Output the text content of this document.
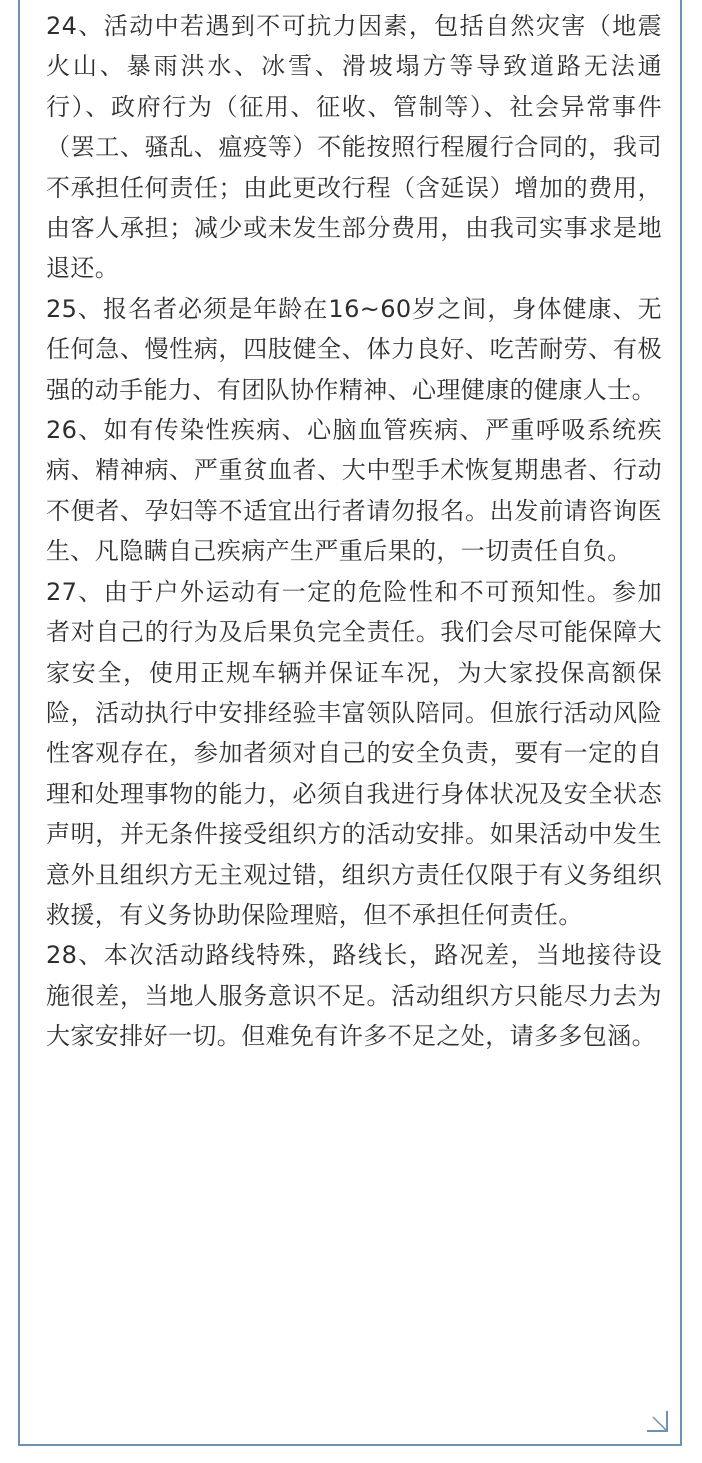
24、活动中若遇到不可抗力因素，包括自然灾害（地震火山、暴雨洪水、冰雪、滑坡塌方等导致道路无法通行）、政府行为（征用、征收、管制等）、社会异常事件（罢工、骚乱、瘟疫等）不能按照行程履行合同的，我司不承担任何责任；由此更改行程（含延误）增加的费用，由客人承担；减少或未发生部分费用，由我司实事求是地退还。

25、报名者必须是年龄在16~60岁之间，身体健康、无任何急、慢性病，四肢健全、体力良好、吃苦耐劳、有极强的动手能力、有团队协作精神、心理健康的健康人士。

26、如有传染性疾病、心脑血管疾病、严重呼吸系统疾病、精神病、严重贫血者、大中型手术恢复期患者、行动不便者、孕妇等不适宜出行者请勿报名。出发前请咨询医生、凡隐瞒自己疾病产生严重后果的，一切责任自负。

27、由于户外运动有一定的危险性和不可预知性。参加者对自己的行为及后果负完全责任。我们会尽可能保障大家安全，使用正规车辆并保证车况，为大家投保高额保险，活动执行中安排经验丰富领队陪同。但旅行活动风险性客观存在，参加者须对自己的安全负责，要有一定的自理和处理事物的能力，必须自我进行身体状况及安全状态声明，并无条件接受组织方的活动安排。如果活动中发生意外且组织方无主观过错，组织方责任仅限于有义务组织救援，有义务协助保险理赔，但不承担任何责任。

28、本次活动路线特殊，路线长，路况差，当地接待设施很差，当地人服务意识不足。活动组织方只能尽力去为大家安排好一切。但难免有许多不足之处，请多多包涵。
